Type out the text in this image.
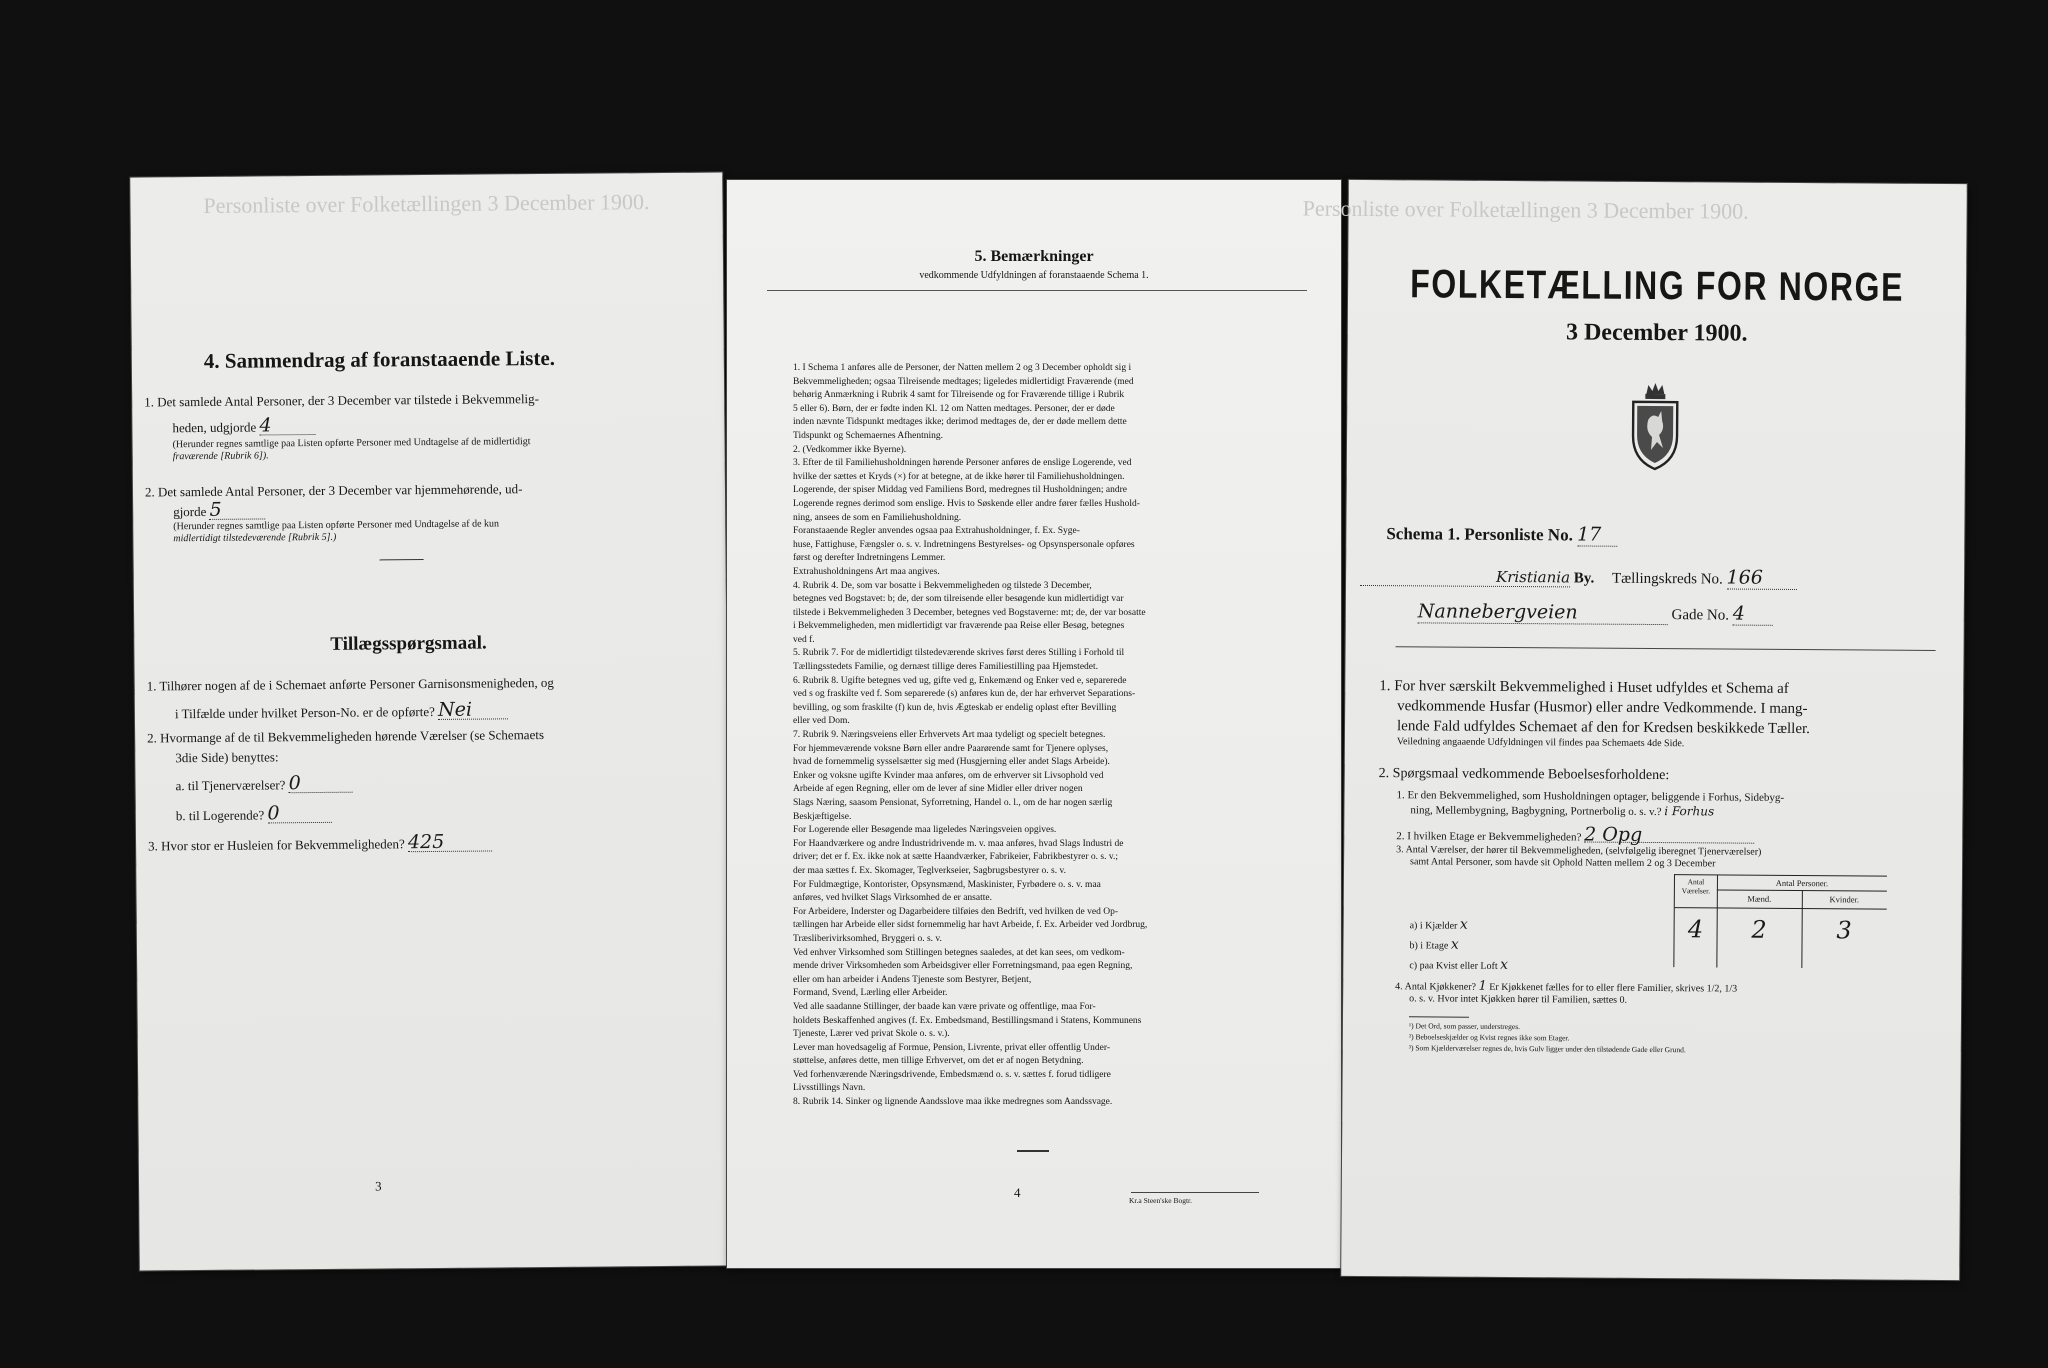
Personliste over Folketællingen 3 December 1900.
4. Sammendrag af foranstaaende Liste.
1. Det samlede Antal Personer, der 3 December var tilstede i Bekvemmelig-
heden, udgjorde 4
(Herunder regnes samtlige paa Listen opførte Personer med Undtagelse af de midlertidigt
fraværende [Rubrik 6]).
2. Det samlede Antal Personer, der 3 December var hjemmehørende, ud-
gjorde 5
(Herunder regnes samtlige paa Listen opførte Personer med Undtagelse af de kun
midlertidigt tilstedeværende [Rubrik 5].)
Tillægsspørgsmaal.
1. Tilhører nogen af de i Schemaet anførte Personer Garnisonsmenigheden, og
i Tilfælde under hvilket Person-No. er de opførte? Nei
2. Hvormange af de til Bekvemmeligheden hørende Værelser (se Schemaets
3die Side) benyttes:
a. til Tjenerværelser? 0
b. til Logerende? 0
3. Hvor stor er Husleien for Bekvemmeligheden? 425
3
5. Bemærkninger
vedkommende Udfyldningen af foranstaaende Schema 1.
1. I Schema 1 anføres alle de Personer, der Natten mellem 2 og 3 December opholdt sig i
Bekvemmeligheden; ogsaa Tilreisende medtages; ligeledes midlertidigt Fraværende (med
behørig Anmærkning i Rubrik 4 samt for Tilreisende og for Fraværende tillige i Rubrik
5 eller 6). Børn, der er fødte inden Kl. 12 om Natten medtages. Personer, der er døde
inden nævnte Tidspunkt medtages ikke; derimod medtages de, der er døde mellem dette
Tidspunkt og Schemaernes Afhentning.
2. (Vedkommer ikke Byerne).
3. Efter de til Familiehusholdningen hørende Personer anføres de enslige Logerende, ved
hvilke der sættes et Kryds (×) for at betegne, at de ikke hører til Familiehusholdningen.
Logerende, der spiser Middag ved Familiens Bord, medregnes til Husholdningen; andre
Logerende regnes derimod som enslige. Hvis to Søskende eller andre fører fælles Hushold-
ning, ansees de som en Familiehusholdning.
Foranstaaende Regler anvendes ogsaa paa Extrahusholdninger, f. Ex. Syge-
huse, Fattighuse, Fængsler o. s. v. Indretningens Bestyrelses- og Opsynspersonale opføres
først og derefter Indretningens Lemmer.
Extrahusholdningens Art maa angives.
4. Rubrik 4. De, som var bosatte i Bekvemmeligheden og tilstede 3 December,
betegnes ved Bogstavet: b; de, der som tilreisende eller besøgende kun midlertidigt var
tilstede i Bekvemmeligheden 3 December, betegnes ved Bogstaverne: mt; de, der var bosatte
i Bekvemmeligheden, men midlertidigt var fraværende paa Reise eller Besøg, betegnes
ved f.
5. Rubrik 7. For de midlertidigt tilstedeværende skrives først deres Stilling i Forhold til
Tællingsstedets Familie, og dernæst tillige deres Familiestilling paa Hjemstedet.
6. Rubrik 8. Ugifte betegnes ved ug, gifte ved g, Enkemænd og Enker ved e, separerede
ved s og fraskilte ved f. Som separerede (s) anføres kun de, der har erhvervet Separations-
bevilling, og som fraskilte (f) kun de, hvis Ægteskab er endelig opløst efter Bevilling
eller ved Dom.
7. Rubrik 9. Næringsveiens eller Erhvervets Art maa tydeligt og specielt betegnes.
For hjemmeværende voksne Børn eller andre Paarørende samt for Tjenere oplyses,
hvad de fornemmelig sysselsætter sig med (Husgjerning eller andet Slags Arbeide).
Enker og voksne ugifte Kvinder maa anføres, om de erhverver sit Livsophold ved
Arbeide af egen Regning, eller om de lever af sine Midler eller driver nogen
Slags Næring, saasom Pensionat, Syforretning, Handel o. l., om de har nogen særlig
Beskjæftigelse.
For Logerende eller Besøgende maa ligeledes Næringsveien opgives.
For Haandværkere og andre Industridrivende m. v. maa anføres, hvad Slags Industri de
driver; det er f. Ex. ikke nok at sætte Haandværker, Fabrikeier, Fabrikbestyrer o. s. v.;
der maa sættes f. Ex. Skomager, Teglverkseier, Sagbrugsbestyrer o. s. v.
For Fuldmægtige, Kontorister, Opsynsmænd, Maskinister, Fyrbødere o. s. v. maa
anføres, ved hvilket Slags Virksomhed de er ansatte.
For Arbeidere, Inderster og Dagarbeidere tilføies den Bedrift, ved hvilken de ved Op-
tællingen har Arbeide eller sidst fornemmelig har havt Arbeide, f. Ex. Arbeider ved Jordbrug,
Træsliberivirksomhed, Bryggeri o. s. v.
Ved enhver Virksomhed som Stillingen betegnes saaledes, at det kan sees, om vedkom-
mende driver Virksomheden som Arbeidsgiver eller Forretningsmand, paa egen Regning,
eller om han arbeider i Andens Tjeneste som Bestyrer, Betjent,
Formand, Svend, Lærling eller Arbeider.
Ved alle saadanne Stillinger, der baade kan være private og offentlige, maa For-
holdets Beskaffenhed angives (f. Ex. Embedsmand, Bestillingsmand i Statens, Kommunens
Tjeneste, Lærer ved privat Skole o. s. v.).
Lever man hovedsagelig af Formue, Pension, Livrente, privat eller offentlig Under-
støttelse, anføres dette, men tillige Erhvervet, om det er af nogen Betydning.
Ved forhenværende Næringsdrivende, Embedsmænd o. s. v. sættes f. forud tidligere
Livsstillings Navn.
8. Rubrik 14. Sinker og lignende Aandsslove maa ikke medregnes som Aandssvage.
4
Kr.a Steen'ske Bogtr.
Personliste over Folketællingen 3 December 1900.
FOLKETÆLLING FOR NORGE
3 December 1900.
Schema 1. Personliste No. 17
Kristiania By. Tællingskreds No. 166
Nannebergveien	Gade No. 4
1. For hver særskilt Bekvemmelighed i Huset udfyldes et Schema af
vedkommende Husfar (Husmor) eller andre Vedkommende. I mang-
lende Fald udfyldes Schemaet af den for Kredsen beskikkede Tæller.
Veiledning angaaende Udfyldningen vil findes paa Schemaets 4de Side.
2. Spørgsmaal vedkommende Beboelsesforholdene:
1. Er den Bekvemmelighed, som Husholdningen optager, beliggende i Forhus, Sidebyg-
ning, Mellembygning, Bagbygning, Portnerbolig o. s. v.? i Forhus
2. I hvilken Etage er Bekvemmeligheden? 2 Opg
3. Antal Værelser, der hører til Bekvemmeligheden, (selvfølgelig iberegnet Tjenerværelser)
samt Antal Personer, som havde sit Ophold Natten mellem 2 og 3 December
Antal Værelser.
Antal Personer.
Mænd.	Kvinder.
4	2	3
a) i Kjælder x
b) i Etage x
c) paa Kvist eller Loft x
4. Antal Kjøkkener? 1 Er Kjøkkenet fælles for to eller flere Familier, skrives 1/2, 1/3
o. s. v. Hvor intet Kjøkken hører til Familien, sættes 0.
¹) Det Ord, som passer, understreges.
²) Beboelseskjælder og Kvist regnes ikke som Etager.
³) Som Kjælderværelser regnes de, hvis Gulv ligger under den tilstødende Gade eller Grund.
